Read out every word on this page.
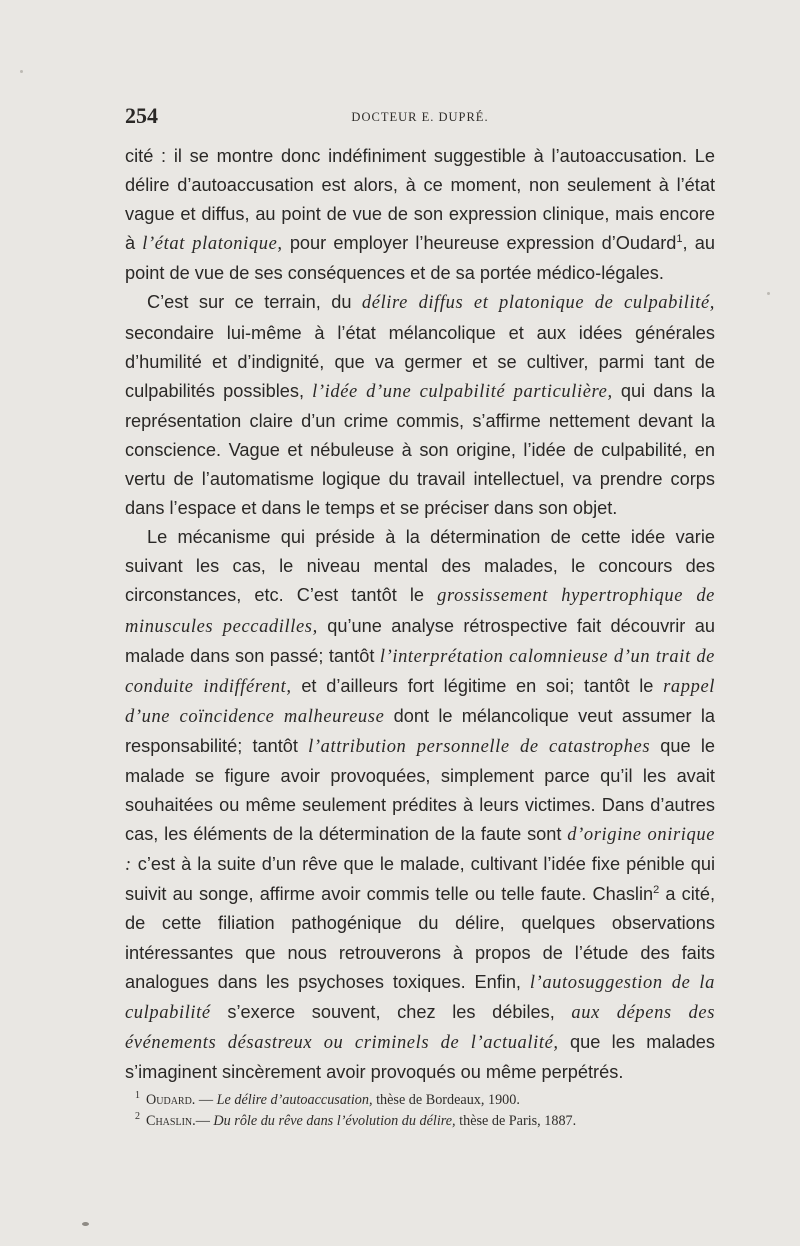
254	DOCTEUR E. DUPRÉ.

cité : il se montre donc indéfiniment suggestible à l’autoaccusation. Le délire d’autoaccusation est alors, à ce moment, non seulement à l’état vague et diffus, au point de vue de son expression clinique, mais encore à l’état platonique, pour employer l’heureuse expression d’Oudard$^1$, au point de vue de ses conséquences et de sa portée médico-légales.

C’est sur ce terrain, du délire diffus et platonique de culpabilité, secondaire lui-même à l’état mélancolique et aux idées générales d’humilité et d’indignité, que va germer et se cultiver, parmi tant de culpabilités possibles, l’idée d’une culpabilité particulière, qui dans la représentation claire d’un crime commis, s’affirme nettement devant la conscience. Vague et nébuleuse à son origine, l’idée de culpabilité, en vertu de l’automatisme logique du travail intellectuel, va prendre corps dans l’espace et dans le temps et se préciser dans son objet.

Le mécanisme qui préside à la détermination de cette idée varie suivant les cas, le niveau mental des malades, le concours des circonstances, etc. C’est tantôt le grossissement hypertrophique de minuscules peccadilles, qu’une analyse rétrospective fait découvrir au malade dans son passé; tantôt l’interprétation calomnieuse d’un trait de conduite indifférent, et d’ailleurs fort légitime en soi; tantôt le rappel d’une coïncidence malheureuse dont le mélancolique veut assumer la responsabilité; tantôt l’attribution personnelle de catastrophes que le malade se figure avoir provoquées, simplement parce qu’il les avait souhaitées ou même seulement prédites à leurs victimes. Dans d’autres cas, les éléments de la détermination de la faute sont d’origine onirique : c’est à la suite d’un rêve que le malade, cultivant l’idée fixe pénible qui suivit au songe, affirme avoir commis telle ou telle faute. Chaslin$^2$ a cité, de cette filiation pathogénique du délire, quelques observations intéressantes que nous retrouverons à propos de l’étude des faits analogues dans les psychoses toxiques. Enfin, l’autosuggestion de la culpabilité s’exerce souvent, chez les débiles, aux dépens des événements désastreux ou criminels de l’actualité, que les malades s’imaginent sincèrement avoir provoqués ou même perpétrés.

$^1$ Oudard. — Le délire d’autoaccusation, thèse de Bordeaux, 1900.

$^2$ Chaslin.— Du rôle du rêve dans l’évolution du délire, thèse de Paris, 1887.
